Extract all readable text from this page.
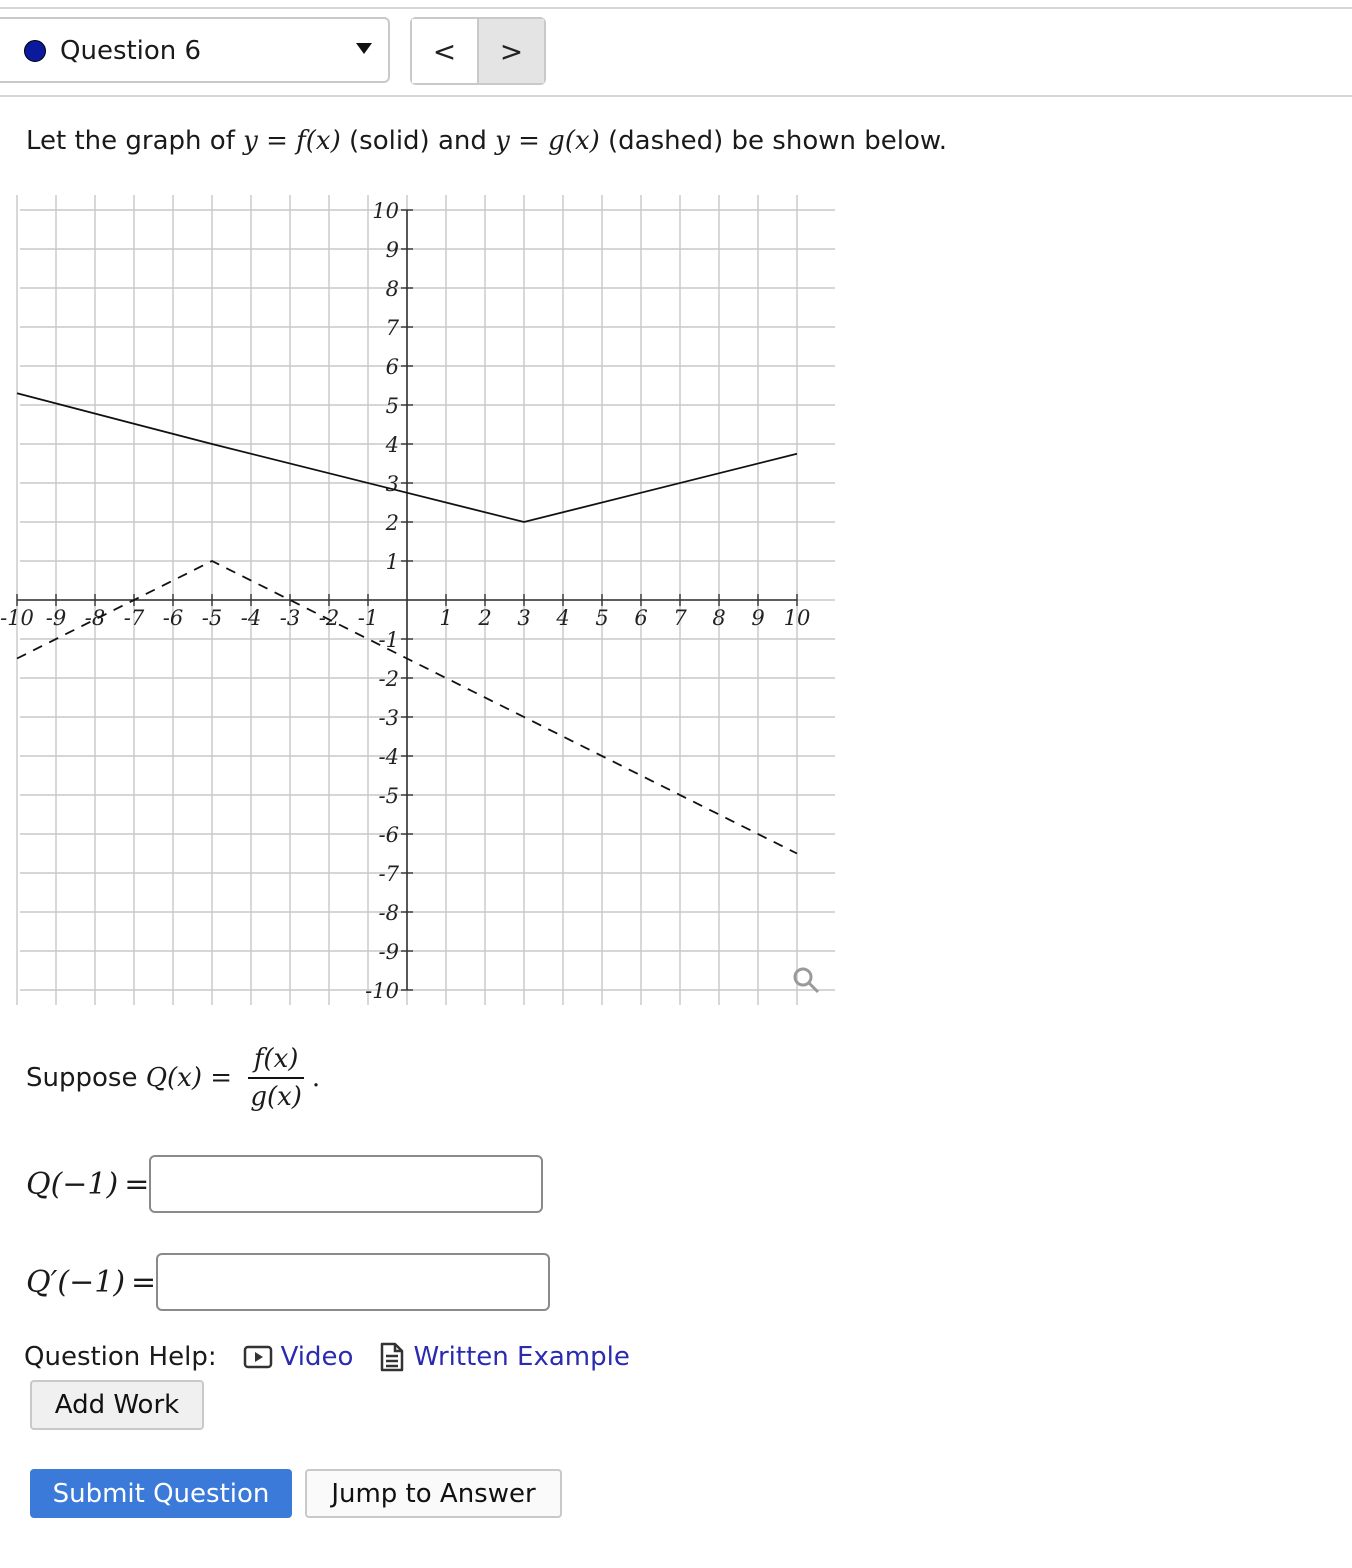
Question 6	<	>
Let the graph of y = f(x) (solid) and y = g(x) (dashed) be shown below.
-10 -9 -8 -7 -6 -5 -4 -3 -2 -1	1 2 3 4 5 6 7 8 9 10
10
9
8
7
6
5
4
3
2
1
-1
-2
-3
-4
-5
-6
-7
-8
-9
-10
Suppose
Q(x)
=
$\frac{f(x)}{g(x)}$ .
Q(−1) =
Q′(−1) =
Question Help: Video Written Example
Add Work
Submit Question	Jump to Answer
